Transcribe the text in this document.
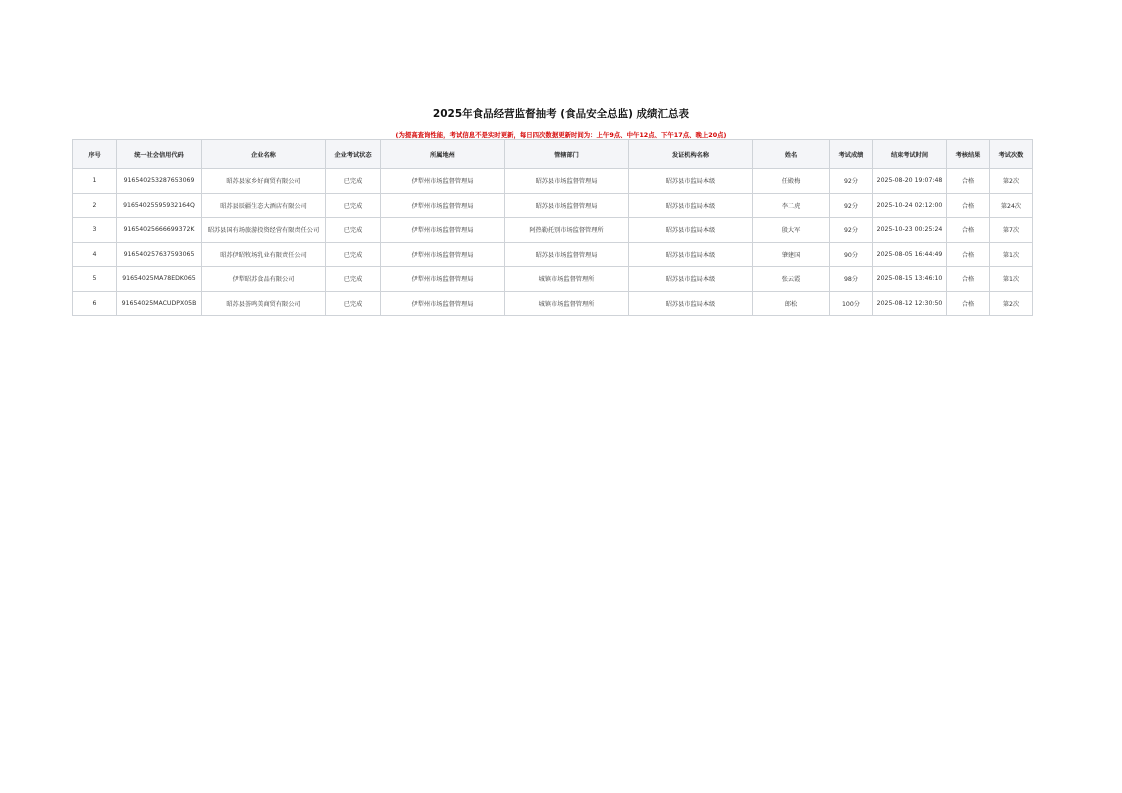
2025年食品经营监督抽考 (食品安全总监) 成绩汇总表
(为提高查询性能，考试信息不是实时更新，每日四次数据更新时间为：上午9点、中午12点、下午17点、晚上20点)
序号	统一社会信用代码	企业名称	企业考试状态	所属地州	管辖部门	发证机构名称	姓名	考试成绩	结束考试时间	考核结果	考试次数
1	916540253287653069	昭苏县家乡好商贸有限公司	已完成	伊犁州市场监督管理局	昭苏县市场监督管理局	昭苏县市监局本级	任殿梅	92分	2025-08-20 19:07:48	合格	第2次
2	91654025595932164Q	昭苏县辰疆生态大酒店有限公司	已完成	伊犁州市场监督管理局	昭苏县市场监督管理局	昭苏县市监局本级	李二虎	92分	2025-10-24 02:12:00	合格	第24次
3	91654025666699372K	昭苏县国有场旅游投资经营有限责任公司	已完成	伊犁州市场监督管理局	阿热勒托别市场监督管理所	昭苏县市监局本级	殷大军	92分	2025-10-23 00:25:24	合格	第7次
4	916540257637593065	昭苏伊昭牧场乳业有限责任公司	已完成	伊犁州市场监督管理局	昭苏县市场监督管理局	昭苏县市监局本级	肇建国	90分	2025-08-05 16:44:49	合格	第1次
5	91654025MA78EDK065	伊犁昭苏食品有限公司	已完成	伊犁州市场监督管理局	城镇市场监督管理所	昭苏县市监局本级	张云霞	98分	2025-08-15 13:46:10	合格	第1次
6	91654025MACUDPX05B	昭苏县荟鸣美商贸有限公司	已完成	伊犁州市场监督管理局	城镇市场监督管理所	昭苏县市监局本级	郎松	100分	2025-08-12 12:30:50	合格	第2次
